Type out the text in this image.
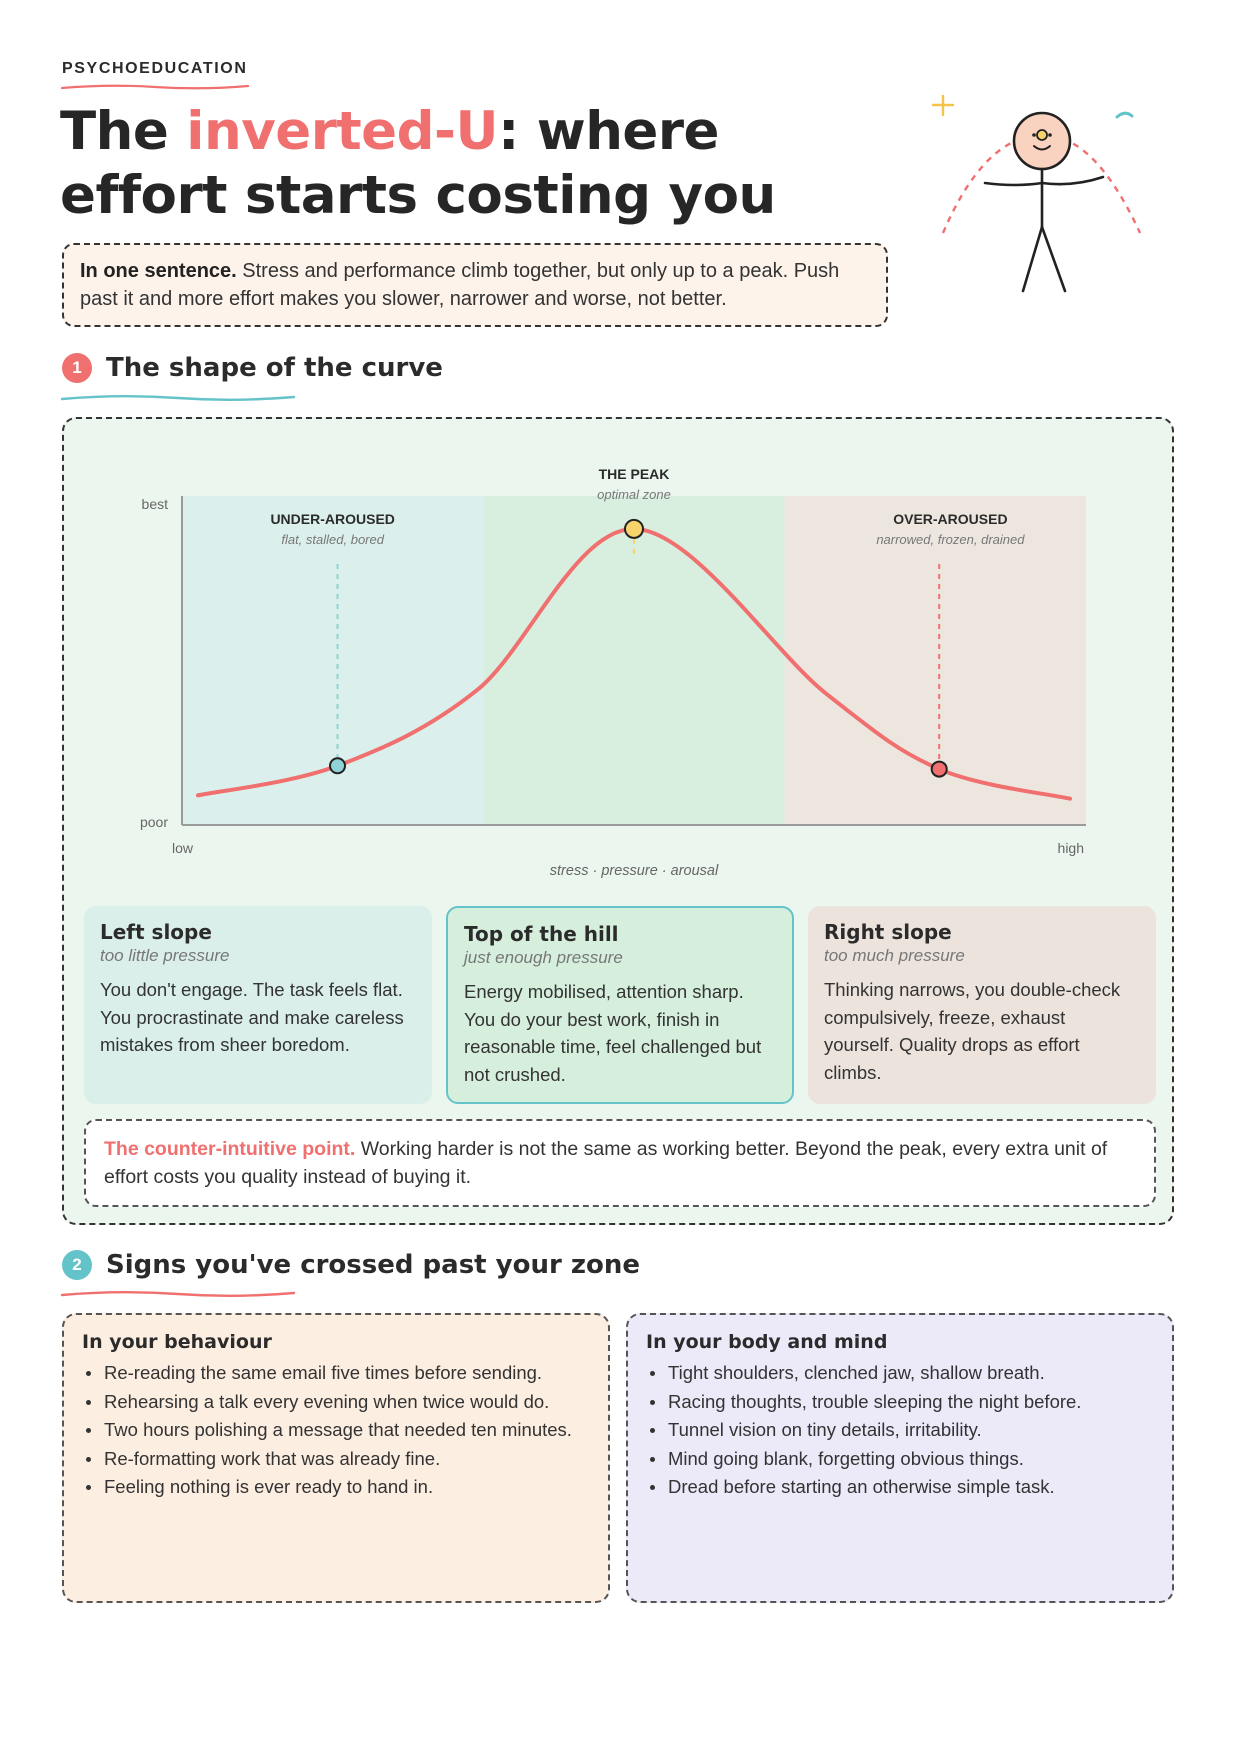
PSYCHOEDUCATION
The inverted-U: where effort starts costing you
In one sentence. Stress and performance climb together, but only up to a peak. Push past it and more effort makes you slower, narrower and worse, not better.
1 The shape of the curve
UNDER-AROUSED
flat, stalled, bored
THE PEAK
optimal zone
OVER-AROUSED
narrowed, frozen, drained
best
poor
low	high
stress · pressure · arousal
Left slope
too little pressure
You don't engage. The task feels flat. You procrastinate and make careless mistakes from sheer boredom.
Top of the hill
just enough pressure
Energy mobilised, attention sharp. You do your best work, finish in reasonable time, feel challenged but not crushed.
Right slope
too much pressure
Thinking narrows, you double-check compulsively, freeze, exhaust yourself. Quality drops as effort climbs.
The counter-intuitive point. Working harder is not the same as working better. Beyond the peak, every extra unit of effort costs you quality instead of buying it.
2 Signs you've crossed past your zone
In your behaviour
Re-reading the same email five times before sending.
Rehearsing a talk every evening when twice would do.
Two hours polishing a message that needed ten minutes.
Re-formatting work that was already fine.
Feeling nothing is ever ready to hand in.
In your body and mind
Tight shoulders, clenched jaw, shallow breath.
Racing thoughts, trouble sleeping the night before.
Tunnel vision on tiny details, irritability.
Mind going blank, forgetting obvious things.
Dread before starting an otherwise simple task.
